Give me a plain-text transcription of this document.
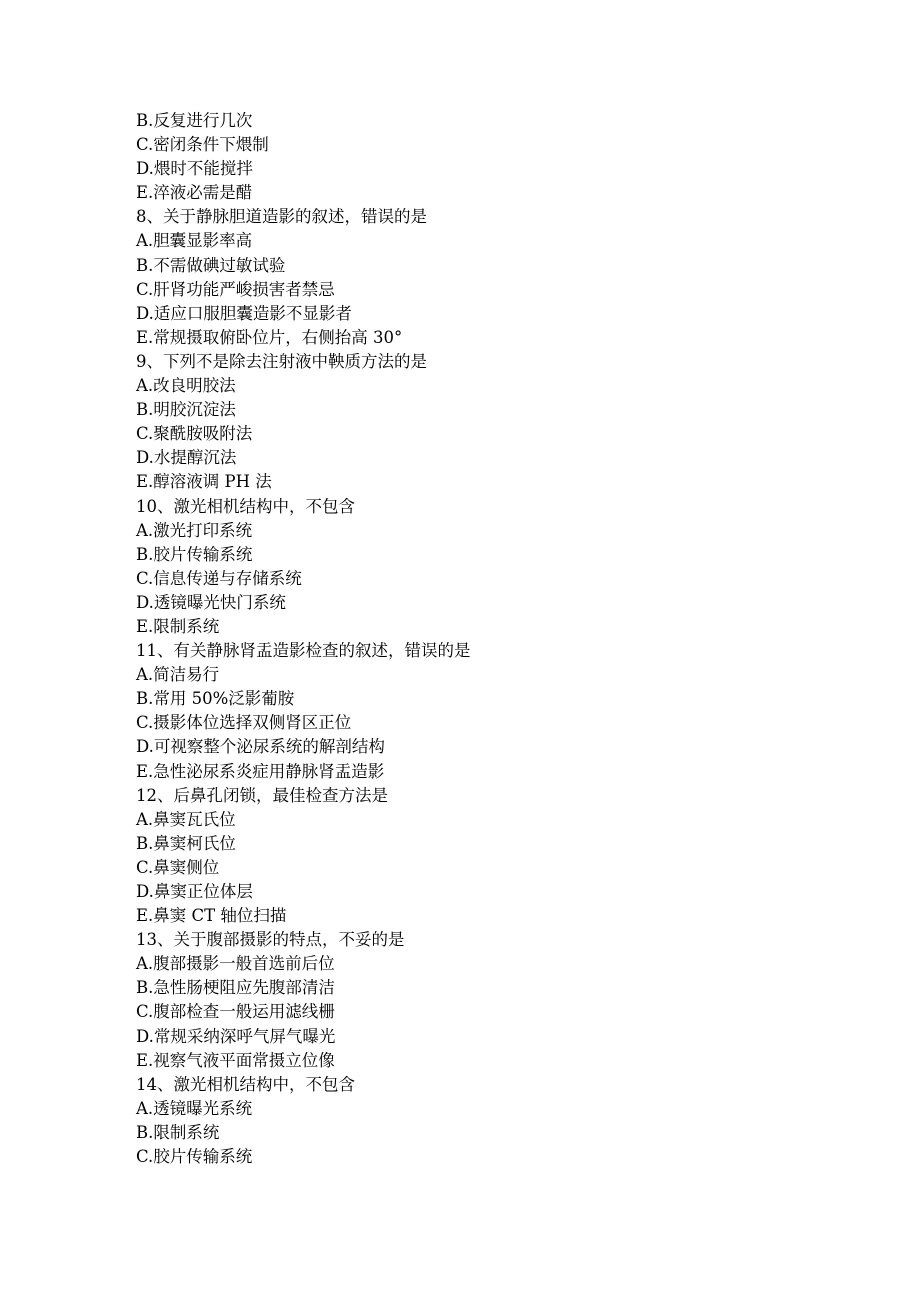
B.反复进行几次
C.密闭条件下煨制
D.煨时不能搅拌
E.淬液必需是醋
8、关于静脉胆道造影的叙述，错误的是
A.胆囊显影率高
B.不需做碘过敏试验
C.肝肾功能严峻损害者禁忌
D.适应口服胆囊造影不显影者
E.常规摄取俯卧位片，右侧抬高 30°
9、下列不是除去注射液中鞅质方法的是
A.改良明胶法
B.明胶沉淀法
C.聚酰胺吸附法
D.水提醇沉法
E.醇溶液调 PH 法
10、激光相机结构中，不包含
A.激光打印系统
B.胶片传输系统
C.信息传递与存储系统
D.透镜曝光快门系统
E.限制系统
11、有关静脉肾盂造影检查的叙述，错误的是
A.简洁易行
B.常用 50%泛影葡胺
C.摄影体位选择双侧肾区正位
D.可视察整个泌尿系统的解剖结构
E.急性泌尿系炎症用静脉肾盂造影
12、后鼻孔闭锁，最佳检查方法是
A.鼻窦瓦氏位
B.鼻窦柯氏位
C.鼻窦侧位
D.鼻窦正位体层
E.鼻窦 CT 轴位扫描
13、关于腹部摄影的特点，不妥的是
A.腹部摄影一般首选前后位
B.急性肠梗阻应先腹部清洁
C.腹部检查一般运用滤线栅
D.常规采纳深呼气屏气曝光
E.视察气液平面常摄立位像
14、激光相机结构中，不包含
A.透镜曝光系统
B.限制系统
C.胶片传输系统
